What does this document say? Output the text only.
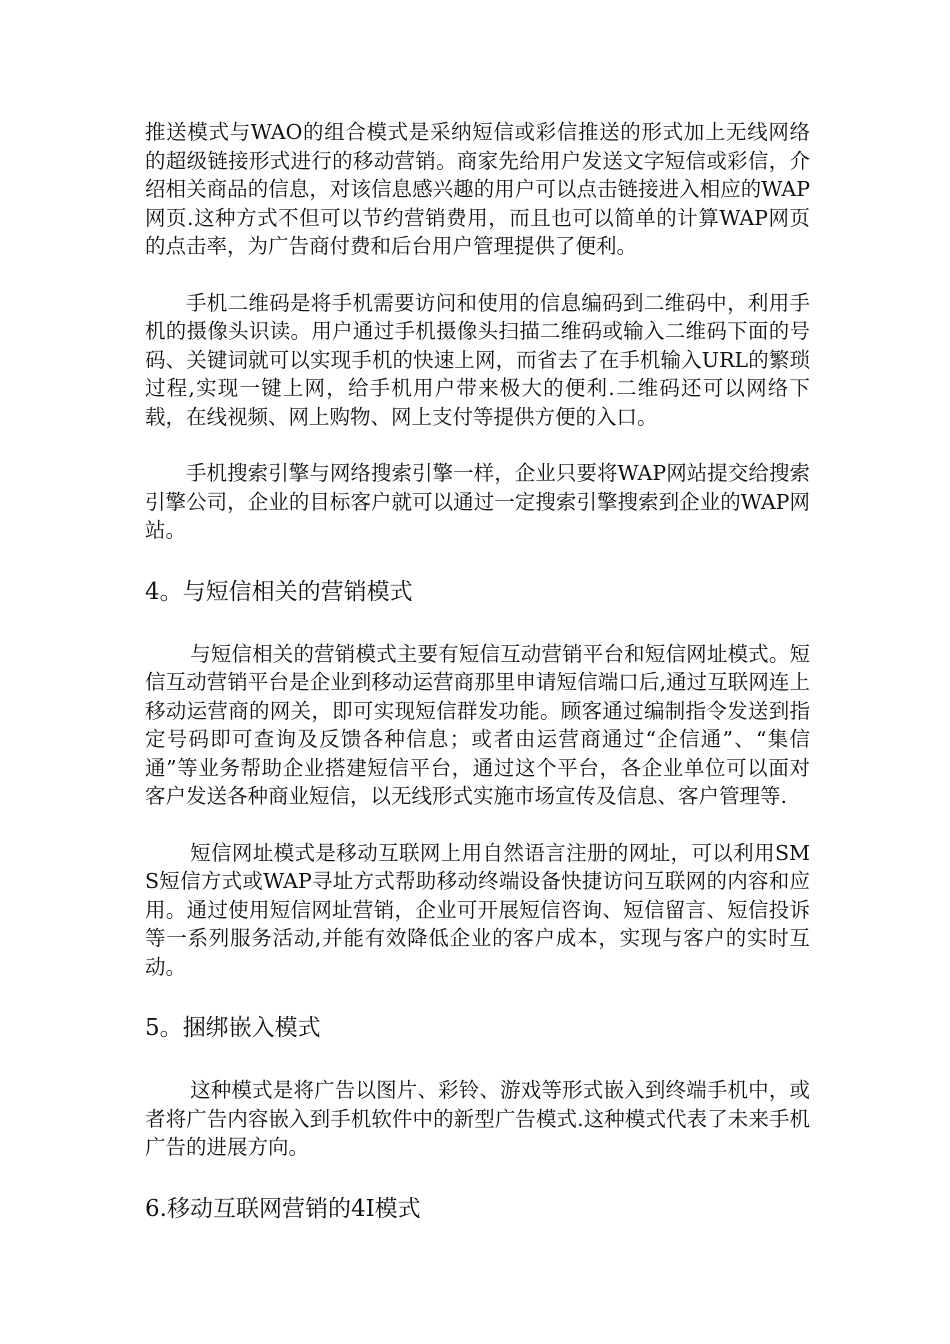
推送模式与WAO的组合模式是采纳短信或彩信推送的形式加上无线网络的超级链接形式进行的移动营销。商家先给用户发送文字短信或彩信，介绍相关商品的信息，对该信息感兴趣的用户可以点击链接进入相应的WAP网页.这种方式不但可以节约营销费用，而且也可以简单的计算WAP网页的点击率，为广告商付费和后台用户管理提供了便利。

手机二维码是将手机需要访问和使用的信息编码到二维码中，利用手机的摄像头识读。用户通过手机摄像头扫描二维码或输入二维码下面的号码、关键词就可以实现手机的快速上网，而省去了在手机输入URL的繁琐过程,实现一键上网，给手机用户带来极大的便利.二维码还可以网络下载，在线视频、网上购物、网上支付等提供方便的入口。

手机搜索引擎与网络搜索引擎一样，企业只要将WAP网站提交给搜索引擎公司，企业的目标客户就可以通过一定搜索引擎搜索到企业的WAP网站。

4。与短信相关的营销模式

与短信相关的营销模式主要有短信互动营销平台和短信网址模式。短信互动营销平台是企业到移动运营商那里申请短信端口后,通过互联网连上移动运营商的网关，即可实现短信群发功能。顾客通过编制指令发送到指定号码即可查询及反馈各种信息；或者由运营商通过“企信通”、“集信通”等业务帮助企业搭建短信平台，通过这个平台，各企业单位可以面对客户发送各种商业短信，以无线形式实施市场宣传及信息、客户管理等.

短信网址模式是移动互联网上用自然语言注册的网址，可以利用SMS短信方式或WAP寻址方式帮助移动终端设备快捷访问互联网的内容和应用。通过使用短信网址营销，企业可开展短信咨询、短信留言、短信投诉等一系列服务活动,并能有效降低企业的客户成本，实现与客户的实时互动。

5。捆绑嵌入模式

这种模式是将广告以图片、彩铃、游戏等形式嵌入到终端手机中，或者将广告内容嵌入到手机软件中的新型广告模式.这种模式代表了未来手机广告的进展方向。

6.移动互联网营销的4I模式
